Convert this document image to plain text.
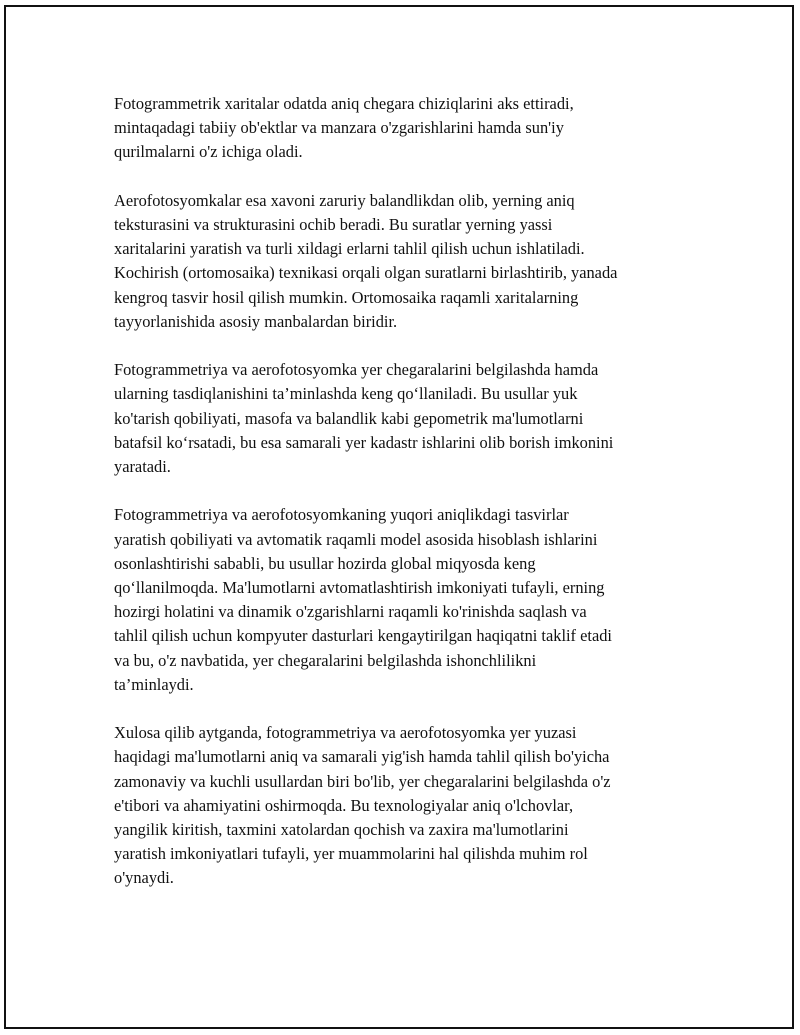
Fotogrammetrik xaritalar odatda aniq chegara chiziqlarini aks ettiradi,
mintaqadagi tabiiy ob'ektlar va manzara o'zgarishlarini hamda sun'iy
qurilmalarni o'z ichiga oladi.

Aerofotosyomkalar esa xavoni zaruriy balandlikdan olib, yerning aniq
teksturasini va strukturasini ochib beradi. Bu suratlar yerning yassi
xaritalarini yaratish va turli xildagi erlarni tahlil qilish uchun ishlatiladi.
Kochirish (ortomosaika) texnikasi orqali olgan suratlarni birlashtirib, yanada
kengroq tasvir hosil qilish mumkin. Ortomosaika raqamli xaritalarning
tayyorlanishida asosiy manbalardan biridir.

Fotogrammetriya va aerofotosyomka yer chegaralarini belgilashda hamda
ularning tasdiqlanishini ta’minlashda keng qo‘llaniladi. Bu usullar yuk
ko'tarish qobiliyati, masofa va balandlik kabi gepometrik ma'lumotlarni
batafsil ko‘rsatadi, bu esa samarali yer kadastr ishlarini olib borish imkonini
yaratadi.

Fotogrammetriya va aerofotosyomkaning yuqori aniqlikdagi tasvirlar
yaratish qobiliyati va avtomatik raqamli model asosida hisoblash ishlarini
osonlashtirishi sababli, bu usullar hozirda global miqyosda keng
qo‘llanilmoqda. Ma'lumotlarni avtomatlashtirish imkoniyati tufayli, erning
hozirgi holatini va dinamik o'zgarishlarni raqamli ko'rinishda saqlash va
tahlil qilish uchun kompyuter dasturlari kengaytirilgan haqiqatni taklif etadi
va bu, o'z navbatida, yer chegaralarini belgilashda ishonchlilikni
ta’minlaydi.

Xulosa qilib aytganda, fotogrammetriya va aerofotosyomka yer yuzasi
haqidagi ma'lumotlarni aniq va samarali yig'ish hamda tahlil qilish bo'yicha
zamonaviy va kuchli usullardan biri bo'lib, yer chegaralarini belgilashda o'z
e'tibori va ahamiyatini oshirmoqda. Bu texnologiyalar aniq o'lchovlar,
yangilik kiritish, taxmini xatolardan qochish va zaxira ma'lumotlarini
yaratish imkoniyatlari tufayli, yer muammolarini hal qilishda muhim rol
o'ynaydi.
